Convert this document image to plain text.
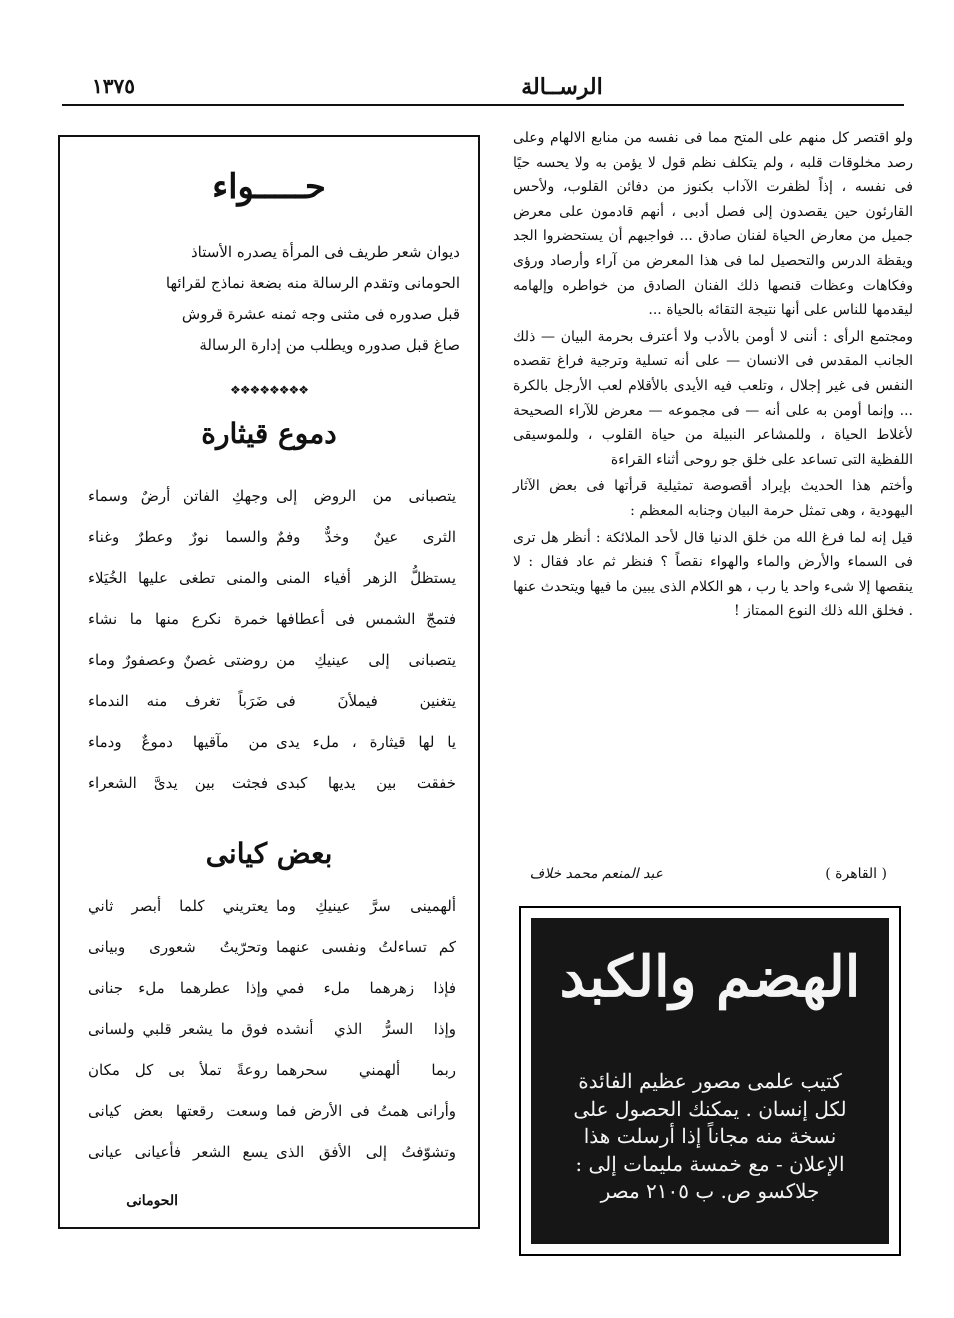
١٣٧٥	الرســالة

ولو اقتصر كل منهم على المتح مما فى نفسه من منابع الالهام وعلى رصد مخلوقات قلبه ، ولم يتكلف نظم قول لا يؤمن به ولا يحسه حيًا فى نفسه ، إذاً لظفرت الآداب بكنوز من دفائن القلوب، ولأحس القارئون حين يقصدون إلى فصل أدبى ، أنهم قادمون على معرض جميل من معارض الحياة لفنان صادق ... فواجبهم أن يستحضروا الجد ويقظة الدرس والتحصيل لما فى هذا المعرض من آراء وأرصاد ورؤى وفكاهات وعظات قنصها ذلك الفنان الصادق من خواطره وإلهامه ليقدمها للناس على أنها نتيجة التقائه بالحياة ...

ومجتمع الرأى : أننى لا أومن بالأدب ولا أعترف بحرمة البيان — ذلك الجانب المقدس فى الانسان — على أنه تسلية وترجية فراغ تقصده النفس فى غير إجلال ، وتلعب فيه الأيدى بالأقلام لعب الأرجل بالكرة ... وإنما أومن به على أنه — فى مجموعه — معرض للآراء الصحيحة لأغلاط الحياة ، وللمشاعر النبيلة من حياة القلوب ، وللموسيقى اللفظية التى تساعد على خلق جو روحى أثناء القراءة

وأختم هذا الحديث بإيراد أقصوصة تمثيلية قرأتها فى بعض الآثار اليهودية ، وهى تمثل حرمة البيان وجنابه المعظم :

قيل إنه لما فرغ الله من خلق الدنيا قال لأحد الملائكة : أنظر هل ترى فى السماء والأرض والماء والهواء نقصاً ؟ فنظر ثم عاد فقال : لا ينقصها إلا شىء واحد يا رب ، هو الكلام الذى يبين ما فيها ويتحدث عنها . فخلق الله ذلك النوع الممتاز !

عبد المنعم محمد خلاف	( القاهرة )
الهضم والكبد
كتيب علمى مصور عظيم الفائدة
لكل إنسان . يمكنك الحصول على
نسخة منه مجاناً إذا أرسلت هذا
الإعلان - مع خمسة مليمات إلى :
جلاكسو ص. ب ٢١٠٥ مصر
حـــــواء

ديوان شعر طريف فى المرأة يصدره الأستاذ

الحومانى وتقدم الرسالة منه بضعة نماذج لقرائها

قبل صدوره فى مثنى وجه ثمنه عشرة قروش

صاغ قبل صدوره ويطلب من إدارة الرسالة

❖❖❖❖❖❖❖❖
دموع قيثارة
يتصبانى من الروض إلى
وجهكِ الفاتن أرضٌ وسماء
الثرى عينٌ وخدٌّ وفمٌ
والسما نورٌ وعطرٌ وغناء
يستظلُّ الزهر أفياء المنى
والمنى تطغى عليها الخُيَلاء
فتمجّ الشمس فى أعطافها
خمرة نكرع منها ما نشاء
يتصبانى إلى عينيكِ من
روضتى غصنٌ وعصفورٌ وماء
يتغنين فيملأنَ فى
ضَرَباً تغرف منه الندماء
يا لها قيثارة ، ملء يدى
من مآقيها دموعٌ ودماء
خفقت بين يديها كبدى
فجثت بين يدىَّ الشعراء
بعض كيانى
ألهمينى سرَّ عينيكِ وما
يعتريني كلما أبصر ثاني
كم تساءلتُ ونفسى عنهما
وتحرّيتُ شعورى وبيانى
فإذا زهرهما ملء فمي
وإذا عطرهما ملء جنانى
وإذا السرُّ الذي أنشده
فوق ما يشعر قلبي ولسانى
ربما ألهمني سحرهما
روعةً تملأ بى كل مكان
وأرانى همتُ فى الأرض فما
وسعت رقعتها بعض كيانى
وتشوّفتُ إلى الأفق الذى
يسع الشعر فأعيانى عيانى
الحومانى
